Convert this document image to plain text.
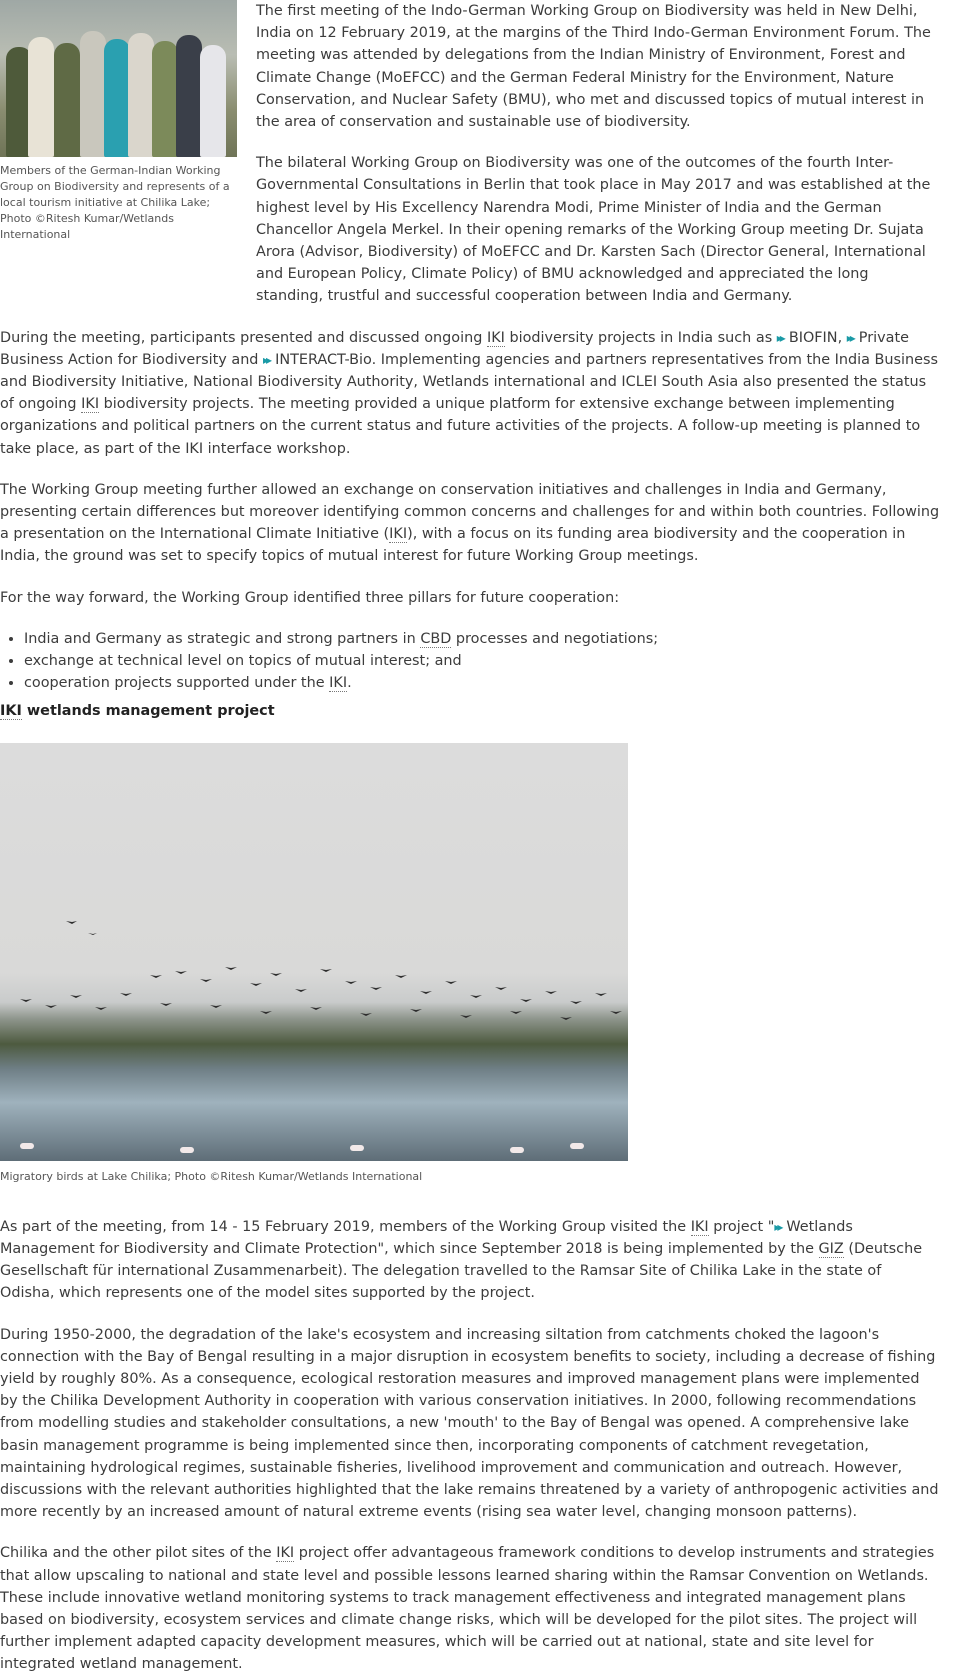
Members of the German-Indian Working Group on Biodiversity and represents of a local tourism initiative at Chilika Lake; Photo ©Ritesh Kumar/Wetlands International

The first meeting of the Indo-German Working Group on Biodiversity was held in New Delhi, India on 12 February 2019, at the margins of the Third Indo-German Environment Forum. The meeting was attended by delegations from the Indian Ministry of Environment, Forest and Climate Change (MoEFCC) and the German Federal Ministry for the Environment, Nature Conservation, and Nuclear Safety (BMU), who met and discussed topics of mutual interest in the area of conservation and sustainable use of biodiversity.

The bilateral Working Group on Biodiversity was one of the outcomes of the fourth Inter-Governmental Consultations in Berlin that took place in May 2017 and was established at the highest level by His Excellency Narendra Modi, Prime Minister of India and the German Chancellor Angela Merkel. In their opening remarks of the Working Group meeting Dr. Sujata Arora (Advisor, Biodiversity) of MoEFCC and Dr. Karsten Sach (Director General, International and European Policy, Climate Policy) of BMU acknowledged and appreciated the long standing, trustful and successful cooperation between India and Germany.

During the meeting, participants presented and discussed ongoing IKI biodiversity projects in India such as ▸▸ BIOFIN, ▸▸ Private Business Action for Biodiversity and ▸▸ INTERACT-Bio. Implementing agencies and partners representatives from the India Business and Biodiversity Initiative, National Biodiversity Authority, Wetlands international and ICLEI South Asia also presented the status of ongoing IKI biodiversity projects. The meeting provided a unique platform for extensive exchange between implementing organizations and political partners on the current status and future activities of the projects. A follow-up meeting is planned to take place, as part of the IKI interface workshop.

The Working Group meeting further allowed an exchange on conservation initiatives and challenges in India and Germany, presenting certain differences but moreover identifying common concerns and challenges for and within both countries. Following a presentation on the International Climate Initiative (IKI), with a focus on its funding area biodiversity and the cooperation in India, the ground was set to specify topics of mutual interest for future Working Group meetings.

For the way forward, the Working Group identified three pillars for future cooperation:

• India and Germany as strategic and strong partners in CBD processes and negotiations;
• exchange at technical level on topics of mutual interest; and
• cooperation projects supported under the IKI.
IKI wetlands management project
Migratory birds at Lake Chilika; Photo ©Ritesh Kumar/Wetlands International

As part of the meeting, from 14 - 15 February 2019, members of the Working Group visited the IKI project "▸▸ Wetlands Management for Biodiversity and Climate Protection", which since September 2018 is being implemented by the GIZ (Deutsche Gesellschaft für international Zusammenarbeit). The delegation travelled to the Ramsar Site of Chilika Lake in the state of Odisha, which represents one of the model sites supported by the project.

During 1950-2000, the degradation of the lake's ecosystem and increasing siltation from catchments choked the lagoon's connection with the Bay of Bengal resulting in a major disruption in ecosystem benefits to society, including a decrease of fishing yield by roughly 80%. As a consequence, ecological restoration measures and improved management plans were implemented by the Chilika Development Authority in cooperation with various conservation initiatives. In 2000, following recommendations from modelling studies and stakeholder consultations, a new 'mouth' to the Bay of Bengal was opened. A comprehensive lake basin management programme is being implemented since then, incorporating components of catchment revegetation, maintaining hydrological regimes, sustainable fisheries, livelihood improvement and communication and outreach. However, discussions with the relevant authorities highlighted that the lake remains threatened by a variety of anthropogenic activities and more recently by an increased amount of natural extreme events (rising sea water level, changing monsoon patterns).

Chilika and the other pilot sites of the IKI project offer advantageous framework conditions to develop instruments and strategies that allow upscaling to national and state level and possible lessons learned sharing within the Ramsar Convention on Wetlands. These include innovative wetland monitoring systems to track management effectiveness and integrated management plans based on biodiversity, ecosystem services and climate change risks, which will be developed for the pilot sites. The project will further implement adapted capacity development measures, which will be carried out at national, state and site level for integrated wetland management.
